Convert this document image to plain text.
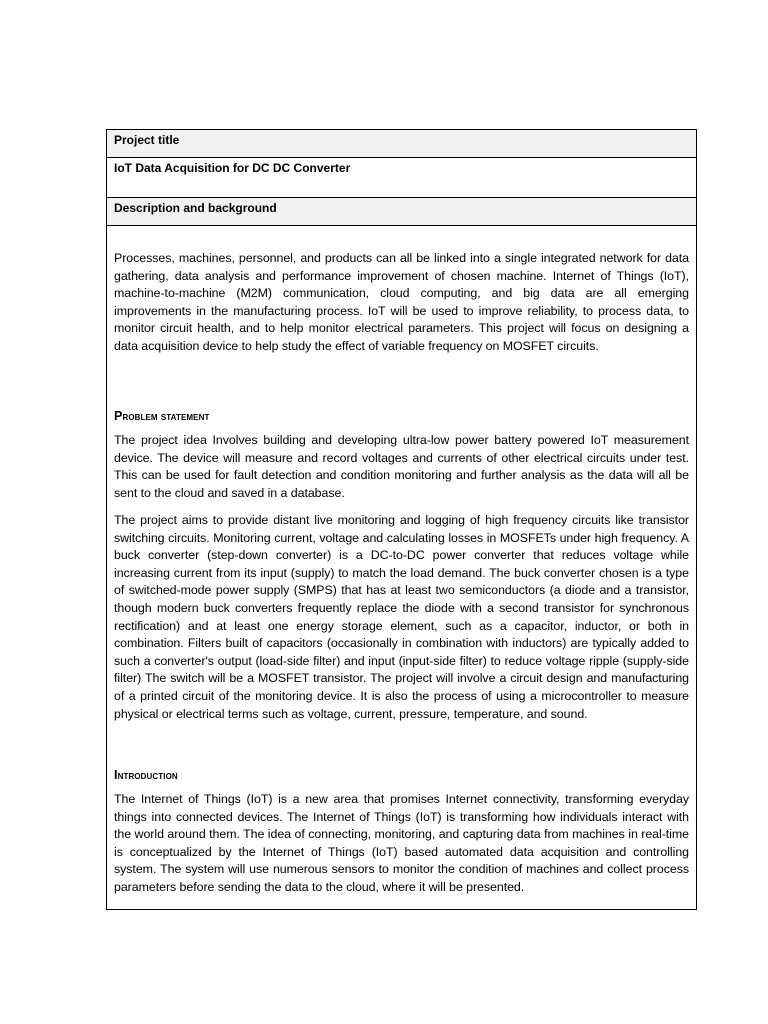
Project title
IoT Data Acquisition for DC DC Converter
Description and background

Processes, machines, personnel, and products can all be linked into a single integrated network for data gathering, data analysis and performance improvement of chosen machine. Internet of Things (IoT), machine-to-machine (M2M) communication, cloud computing, and big data are all emerging improvements in the manufacturing process. IoT will be used to improve reliability, to process data, to monitor circuit health, and to help monitor electrical parameters. This project will focus on designing a data acquisition device to help study the effect of variable frequency on MOSFET circuits.

Problem statement

The project idea Involves building and developing ultra-low power battery powered IoT measurement device. The device will measure and record voltages and currents of other electrical circuits under test. This can be used for fault detection and condition monitoring and further analysis as the data will all be sent to the cloud and saved in a database.

The project aims to provide distant live monitoring and logging of high frequency circuits like transistor switching circuits. Monitoring current, voltage and calculating losses in MOSFETs under high frequency. A buck converter (step-down converter) is a DC-to-DC power converter that reduces voltage while increasing current from its input (supply) to match the load demand. The buck converter chosen is a type of switched-mode power supply (SMPS) that has at least two semiconductors (a diode and a transistor, though modern buck converters frequently replace the diode with a second transistor for synchronous rectification) and at least one energy storage element, such as a capacitor, inductor, or both in combination. Filters built of capacitors (occasionally in combination with inductors) are typically added to such a converter's output (load-side filter) and input (input-side filter) to reduce voltage ripple (supply-side filter) The switch will be a MOSFET transistor. The project will involve a circuit design and manufacturing of a printed circuit of the monitoring device. It is also the process of using a microcontroller to measure physical or electrical terms such as voltage, current, pressure, temperature, and sound.

Introduction

The Internet of Things (IoT) is a new area that promises Internet connectivity, transforming everyday things into connected devices. The Internet of Things (IoT) is transforming how individuals interact with the world around them. The idea of connecting, monitoring, and capturing data from machines in real-time is conceptualized by the Internet of Things (IoT) based automated data acquisition and controlling system. The system will use numerous sensors to monitor the condition of machines and collect process parameters before sending the data to the cloud, where it will be presented.
